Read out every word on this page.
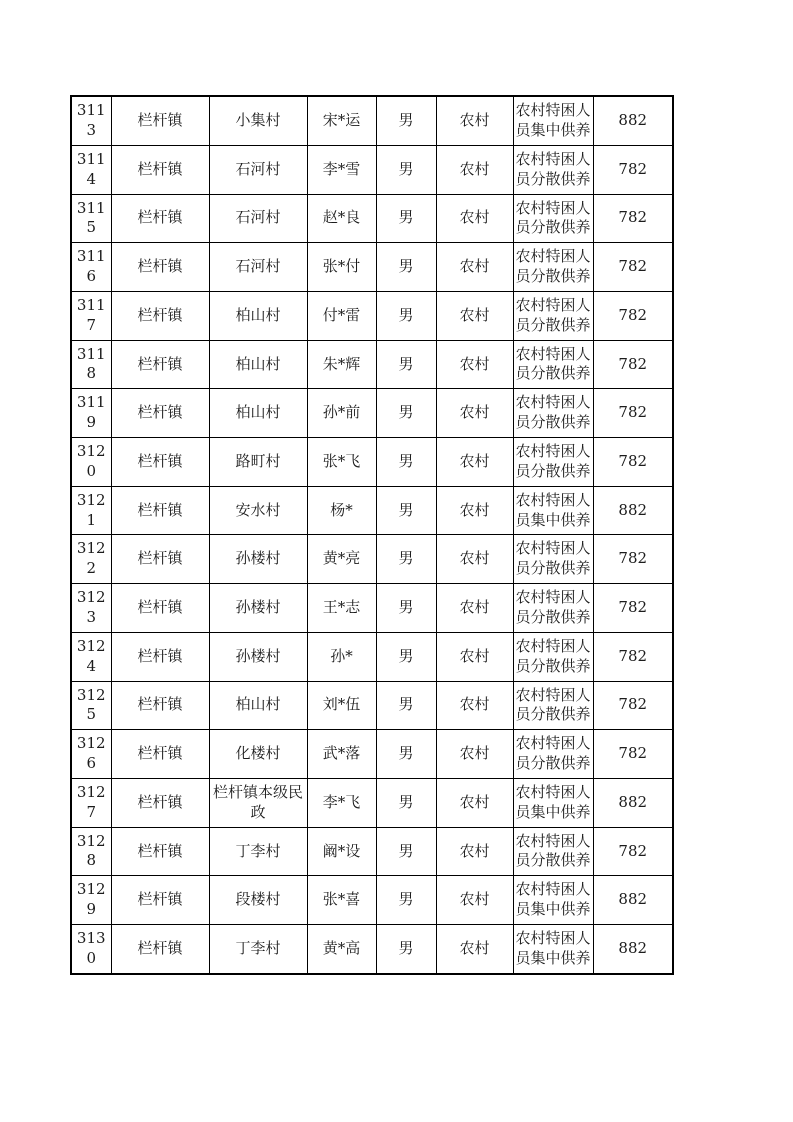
3113	栏杆镇	小集村	宋*运	男	农村	农村特困人员集中供养	882
3114	栏杆镇	石河村	李*雪	男	农村	农村特困人员分散供养	782
3115	栏杆镇	石河村	赵*良	男	农村	农村特困人员分散供养	782
3116	栏杆镇	石河村	张*付	男	农村	农村特困人员分散供养	782
3117	栏杆镇	柏山村	付*雷	男	农村	农村特困人员分散供养	782
3118	栏杆镇	柏山村	朱*辉	男	农村	农村特困人员分散供养	782
3119	栏杆镇	柏山村	孙*前	男	农村	农村特困人员分散供养	782
3120	栏杆镇	路町村	张*飞	男	农村	农村特困人员分散供养	782
3121	栏杆镇	安水村	杨*	男	农村	农村特困人员集中供养	882
3122	栏杆镇	孙楼村	黄*亮	男	农村	农村特困人员分散供养	782
3123	栏杆镇	孙楼村	王*志	男	农村	农村特困人员分散供养	782
3124	栏杆镇	孙楼村	孙*	男	农村	农村特困人员分散供养	782
3125	栏杆镇	柏山村	刘*伍	男	农村	农村特困人员分散供养	782
3126	栏杆镇	化楼村	武*落	男	农村	农村特困人员分散供养	782
3127	栏杆镇	栏杆镇本级民政	李*飞	男	农村	农村特困人员集中供养	882
3128	栏杆镇	丁李村	阚*设	男	农村	农村特困人员分散供养	782
3129	栏杆镇	段楼村	张*喜	男	农村	农村特困人员集中供养	882
3130	栏杆镇	丁李村	黄*高	男	农村	农村特困人员集中供养	882
